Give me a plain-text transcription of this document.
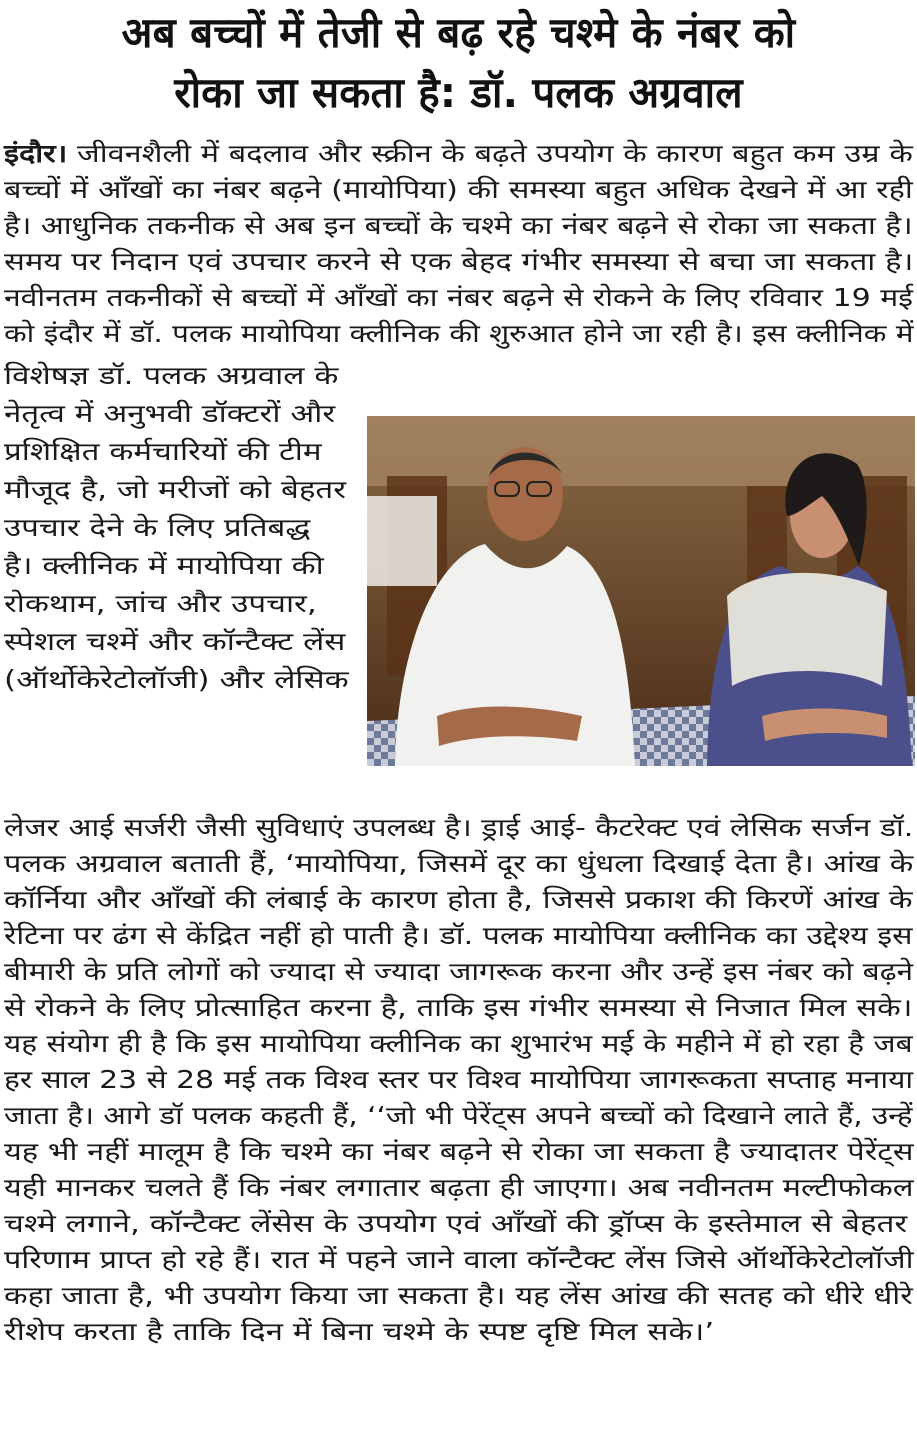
अब बच्चों में तेजी से बढ़ रहे चश्मे के नंबर को
रोका जा सकता है: डॉ. पलक अग्रवाल
इंदौर। जीवनशैली में बदलाव और स्क्रीन के बढ़ते उपयोग के कारण बहुत कम उम्र के
बच्चों में आँखों का नंबर बढ़ने (मायोपिया) की समस्या बहुत अधिक देखने में आ रही
है। आधुनिक तकनीक से अब इन बच्चों के चश्मे का नंबर बढ़ने से रोका जा सकता है।
समय पर निदान एवं उपचार करने से एक बेहद गंभीर समस्या से बचा जा सकता है।
नवीनतम तकनीकों से बच्चों में आँखों का नंबर बढ़ने से रोकने के लिए रविवार 19 मई
को इंदौर में डॉ. पलक मायोपिया क्लीनिक की शुरुआत होने जा रही है। इस क्लीनिक में
विशेषज्ञ डॉ. पलक अग्रवाल के
नेतृत्व में अनुभवी डॉक्टरों और
प्रशिक्षित कर्मचारियों की टीम
मौजूद है, जो मरीजों को बेहतर
उपचार देने के लिए प्रतिबद्ध
है। क्लीनिक में मायोपिया की
रोकथाम, जांच और उपचार,
स्पेशल चश्में और कॉन्टैक्ट लेंस
(ऑर्थोकेरेटोलॉजी) और लेसिक
लेजर आई सर्जरी जैसी सुविधाएं उपलब्ध है। ड्राई आई- कैटरेक्ट एवं लेसिक सर्जन डॉ.
पलक अग्रवाल बताती हैं, ‘मायोपिया, जिसमें दूर का धुंधला दिखाई देता है। आंख के
कॉर्निया और आँखों की लंबाई के कारण होता है, जिससे प्रकाश की किरणें आंख के
रेटिना पर ढंग से केंद्रित नहीं हो पाती है। डॉ. पलक मायोपिया क्लीनिक का उद्देश्य इस
बीमारी के प्रति लोगों को ज्यादा से ज्यादा जागरूक करना और उन्हें इस नंबर को बढ़ने
से रोकने के लिए प्रोत्साहित करना है, ताकि इस गंभीर समस्या से निजात मिल सके।
यह संयोग ही है कि इस मायोपिया क्लीनिक का शुभारंभ मई के महीने में हो रहा है जब
हर साल 23 से 28 मई तक विश्व स्तर पर विश्व मायोपिया जागरूकता सप्ताह मनाया
जाता है। आगे डॉ पलक कहती हैं, ‘‘जो भी पेरेंट्स अपने बच्चों को दिखाने लाते हैं, उन्हें
यह भी नहीं मालूम है कि चश्मे का नंबर बढ़ने से रोका जा सकता है ज्यादातर पेरेंट्स
यही मानकर चलते हैं कि नंबर लगातार बढ़ता ही जाएगा। अब नवीनतम मल्टीफोकल
चश्मे लगाने, कॉन्टैक्ट लेंसेस के उपयोग एवं आँखों की ड्रॉप्स के इस्तेमाल से बेहतर
परिणाम प्राप्त हो रहे हैं। रात में पहने जाने वाला कॉन्टैक्ट लेंस जिसे ऑर्थोकेरेटोलॉजी
कहा जाता है, भी उपयोग किया जा सकता है। यह लेंस आंख की सतह को धीरे धीरे
रीशेप करता है ताकि दिन में बिना चश्मे के स्पष्ट दृष्टि मिल सके।’
